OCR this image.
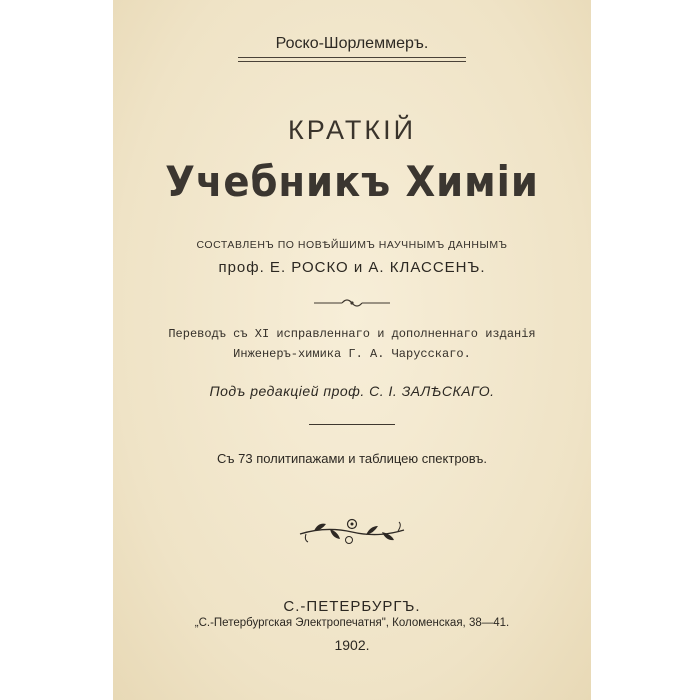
Роско-Шорлеммеръ.
КРАТКІЙ
Учебникъ Химіи
СОСТАВЛЕНЪ ПО НОВѢЙШИМЪ НАУЧНЫМЪ ДАННЫМЪ
проф. Е. РОСКО и А. КЛАССЕНЪ.
Переводъ съ XI исправленнаго и дополненнаго изданія
Инженеръ-химика Г. А. Чарусскаго.
Подъ редакціей проф. С. І. ЗАЛѢСКАГО.
Съ 73 политипажами и таблицею спектровъ.
С.-ПЕТЕРБУРГЪ.
„С.-Петербургская Электропечатня", Коломенская, 38—41.
1902.
